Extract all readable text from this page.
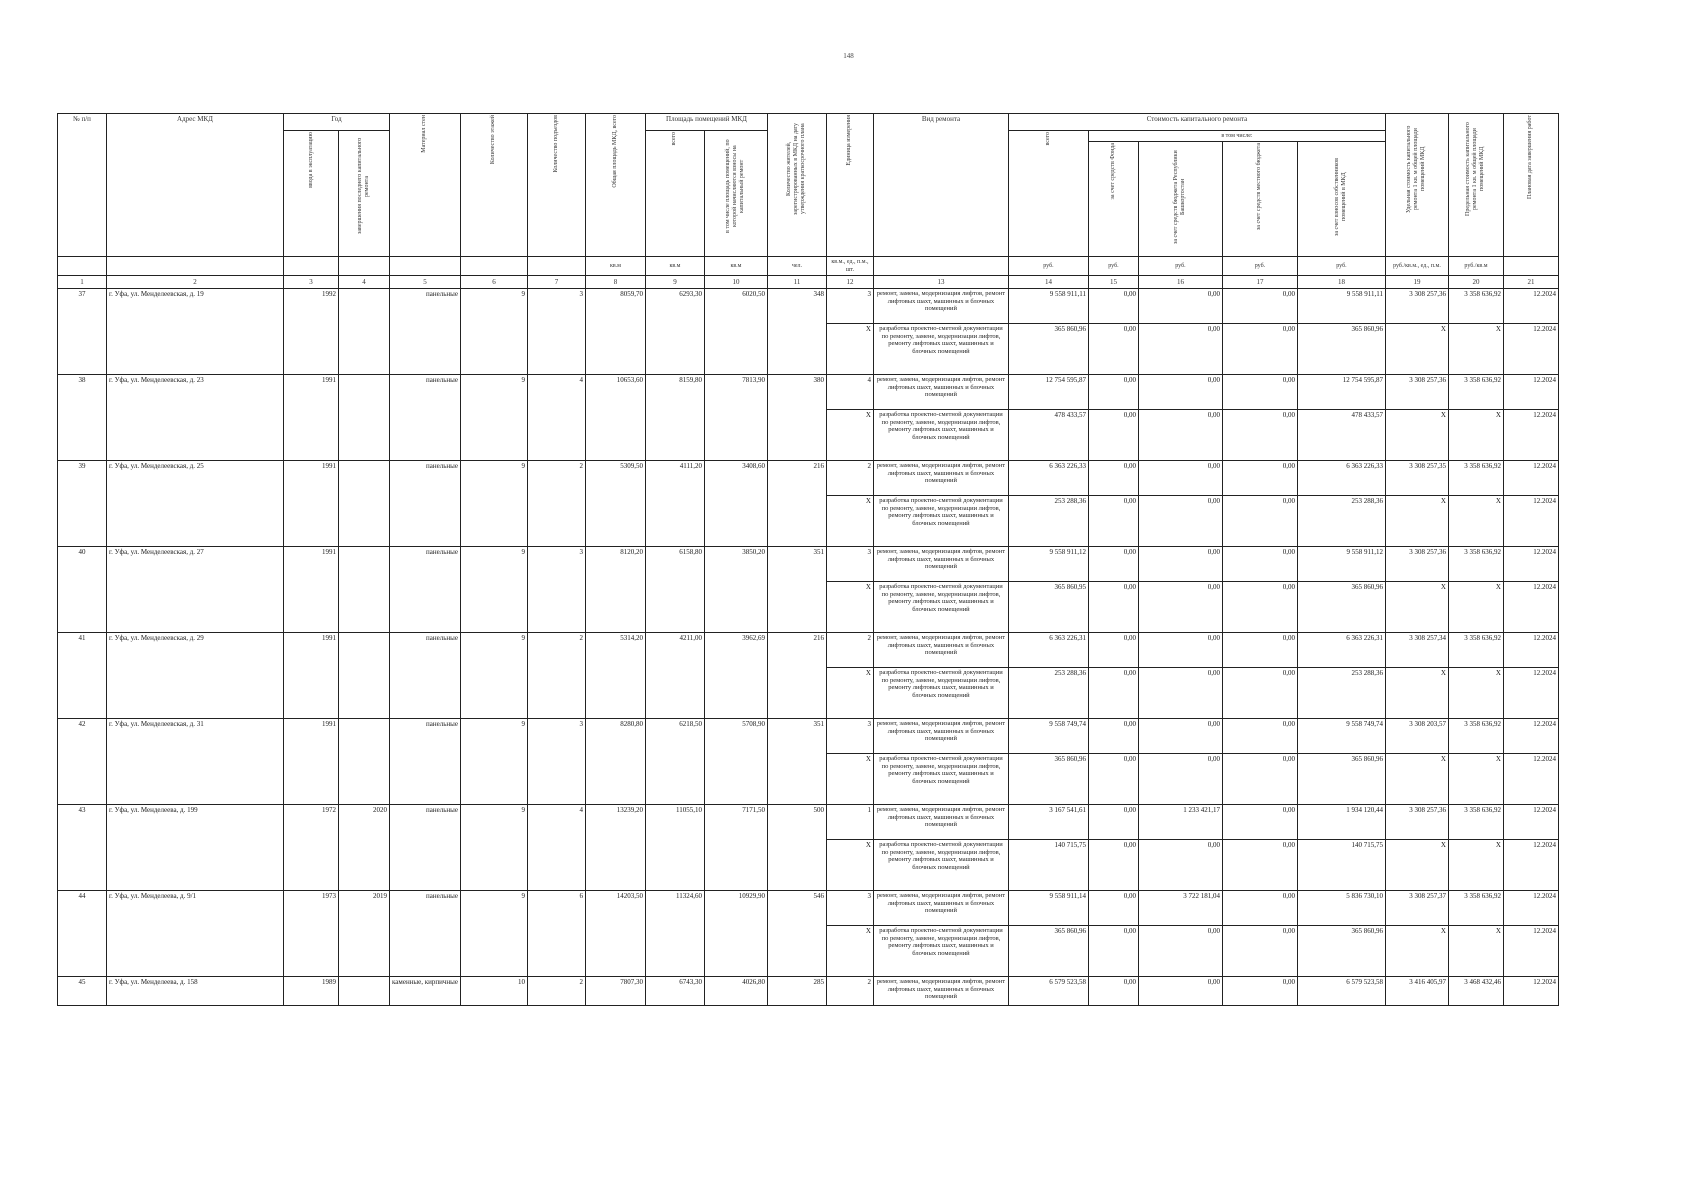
148
№ п/п	Адрес МКД	Год		Материал стен	Количество этажей	Количество подъездов	Общая площадь МКД, всего	Площадь помещений МКД		Количество жителей, зарегистрированных в МКД на дату утверждения краткосрочного плана	Единица измерения	Вид ремонта	Стоимость капитального ремонта					Удельная стоимость капитального ремонта 1 кв. м общей площади помещений МКД	Предельная стоимость капитального ремонта 1 кв. м общей площади помещений МКД	Плановая дата завершения работ
		ввода в эксплуатацию	завершения последнего капитального ремонта					всего	в том числе площадь помещений, по которой начисляются взносы на капитальный ремонт				всего	в том числе:						
														за счет средств Фонда	за счет средств бюджета Республики Башкортостан	за счет средств местного бюджета	за счет взносов собственников помещений в МКД			
							кв.м	кв.м	кв.м	чел.	кв.м., ед., п.м., шт.		руб.	руб.	руб.	руб.	руб.	руб./кв.м., ед., п.м.	руб./кв.м	
1	2	3	4	5	6	7	8	9	10	11	12	13	14	15	16	17	18	19	20	21
37	г. Уфа, ул. Менделеевская, д. 19	1992		панельные	9	3	8059,70	6293,30	6020,50	348	3	ремонт, замена, модернизация лифтов, ремонт лифтовых шахт, машинных и блочных помещений	9 558 911,11	0,00	0,00	0,00	9 558 911,11	3 308 257,36	3 358 636,92	12.2024
											X	разработка проектно-сметной документации по ремонту, замене, модернизации лифтов, ремонту лифтовых шахт, машинных и блочных помещений	365 860,96	0,00	0,00	0,00	365 860,96	X	X	12.2024
38	г. Уфа, ул. Менделеевская, д. 23	1991		панельные	9	4	10653,60	8159,80	7813,90	380	4	ремонт, замена, модернизация лифтов, ремонт лифтовых шахт, машинных и блочных помещений	12 754 595,87	0,00	0,00	0,00	12 754 595,87	3 308 257,36	3 358 636,92	12.2024
											X	разработка проектно-сметной документации по ремонту, замене, модернизации лифтов, ремонту лифтовых шахт, машинных и блочных помещений	478 433,57	0,00	0,00	0,00	478 433,57	X	X	12.2024
39	г. Уфа, ул. Менделеевская, д. 25	1991		панельные	9	2	5309,50	4111,20	3408,60	216	2	ремонт, замена, модернизация лифтов, ремонт лифтовых шахт, машинных и блочных помещений	6 363 226,33	0,00	0,00	0,00	6 363 226,33	3 308 257,35	3 358 636,92	12.2024
											X	разработка проектно-сметной документации по ремонту, замене, модернизации лифтов, ремонту лифтовых шахт, машинных и блочных помещений	253 288,36	0,00	0,00	0,00	253 288,36	X	X	12.2024
40	г. Уфа, ул. Менделеевская, д. 27	1991		панельные	9	3	8120,20	6158,80	3850,20	351	3	ремонт, замена, модернизация лифтов, ремонт лифтовых шахт, машинных и блочных помещений	9 558 911,12	0,00	0,00	0,00	9 558 911,12	3 308 257,36	3 358 636,92	12.2024
											X	разработка проектно-сметной документации по ремонту, замене, модернизации лифтов, ремонту лифтовых шахт, машинных и блочных помещений	365 860,95	0,00	0,00	0,00	365 860,96	X	X	12.2024
41	г. Уфа, ул. Менделеевская, д. 29	1991		панельные	9	2	5314,20	4211,00	3962,69	216	2	ремонт, замена, модернизация лифтов, ремонт лифтовых шахт, машинных и блочных помещений	6 363 226,31	0,00	0,00	0,00	6 363 226,31	3 308 257,34	3 358 636,92	12.2024
											X	разработка проектно-сметной документации по ремонту, замене, модернизации лифтов, ремонту лифтовых шахт, машинных и блочных помещений	253 288,36	0,00	0,00	0,00	253 288,36	X	X	12.2024
42	г. Уфа, ул. Менделеевская, д. 31	1991		панельные	9	3	8280,80	6218,50	5708,90	351	3	ремонт, замена, модернизация лифтов, ремонт лифтовых шахт, машинных и блочных помещений	9 558 749,74	0,00	0,00	0,00	9 558 749,74	3 308 203,57	3 358 636,92	12.2024
											X	разработка проектно-сметной документации по ремонту, замене, модернизации лифтов, ремонту лифтовых шахт, машинных и блочных помещений	365 860,96	0,00	0,00	0,00	365 860,96	X	X	12.2024
43	г. Уфа, ул. Менделеева, д. 199	1972	2020	панельные	9	4	13239,20	11055,10	7171,50	500	1	ремонт, замена, модернизация лифтов, ремонт лифтовых шахт, машинных и блочных помещений	3 167 541,61	0,00	1 233 421,17	0,00	1 934 120,44	3 308 257,36	3 358 636,92	12.2024
											X	разработка проектно-сметной документации по ремонту, замене, модернизации лифтов, ремонту лифтовых шахт, машинных и блочных помещений	140 715,75	0,00	0,00	0,00	140 715,75	X	X	12.2024
44	г. Уфа, ул. Менделеева, д. 9/1	1973	2019	панельные	9	6	14203,50	11324,60	10929,90	546	3	ремонт, замена, модернизация лифтов, ремонт лифтовых шахт, машинных и блочных помещений	9 558 911,14	0,00	3 722 181,04	0,00	5 836 730,10	3 308 257,37	3 358 636,92	12.2024
											X	разработка проектно-сметной документации по ремонту, замене, модернизации лифтов, ремонту лифтовых шахт, машинных и блочных помещений	365 860,96	0,00	0,00	0,00	365 860,96	X	X	12.2024
45	г. Уфа, ул. Менделеева, д. 158	1989		каменные, кирпичные	10	2	7807,30	6743,30	4026,80	285	2	ремонт, замена, модернизация лифтов, ремонт лифтовых шахт, машинных и блочных помещений	6 579 523,58	0,00	0,00	0,00	6 579 523,58	3 416 405,97	3 468 432,46	12.2024
